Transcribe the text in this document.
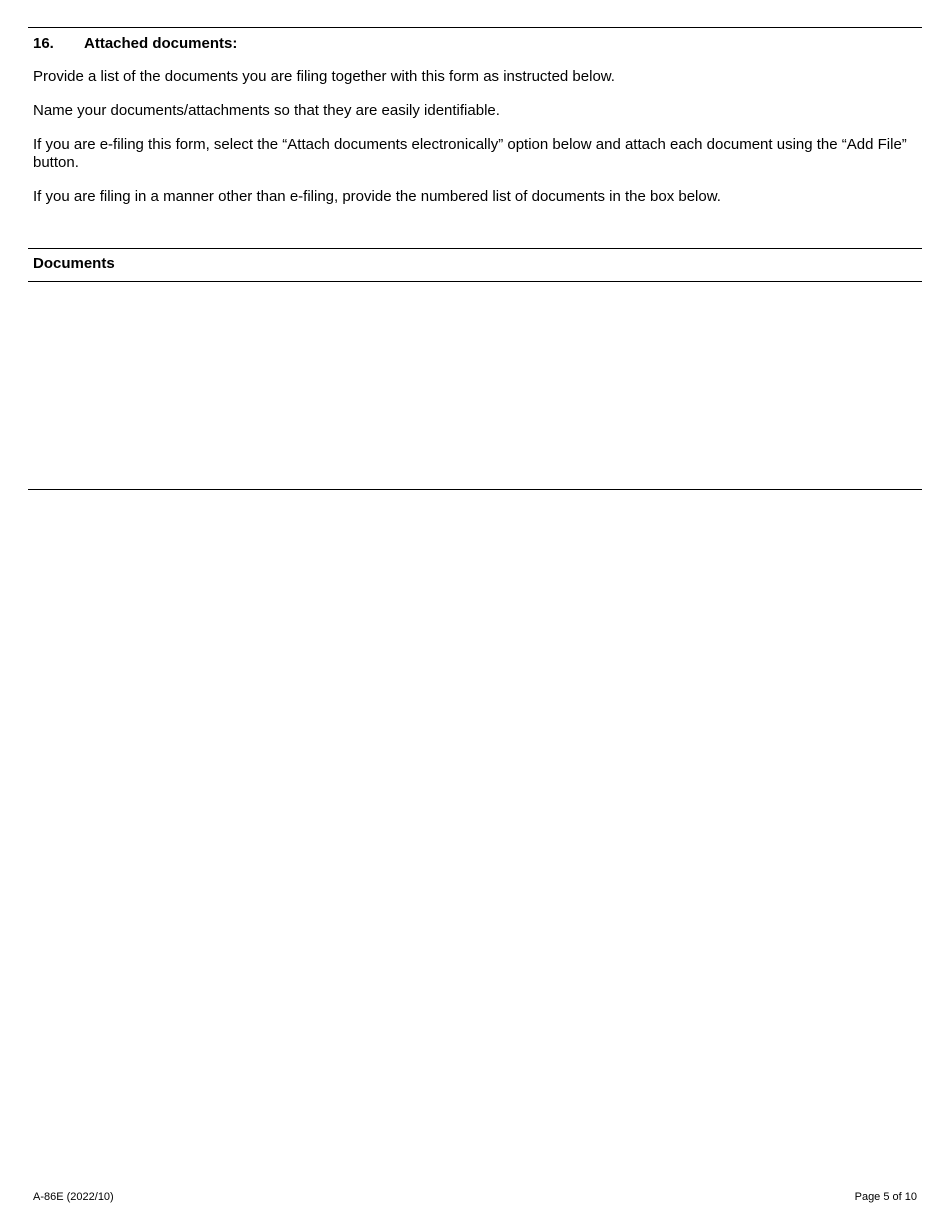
16. Attached documents:
Provide a list of the documents you are filing together with this form as instructed below.
Name your documents/attachments so that they are easily identifiable.
If you are e-filing this form, select the “Attach documents electronically” option below and attach each document using the “Add File” button.
If you are filing in a manner other than e-filing, provide the numbered list of documents in the box below.
Documents
A-86E (2022/10)	Page 5 of 10
